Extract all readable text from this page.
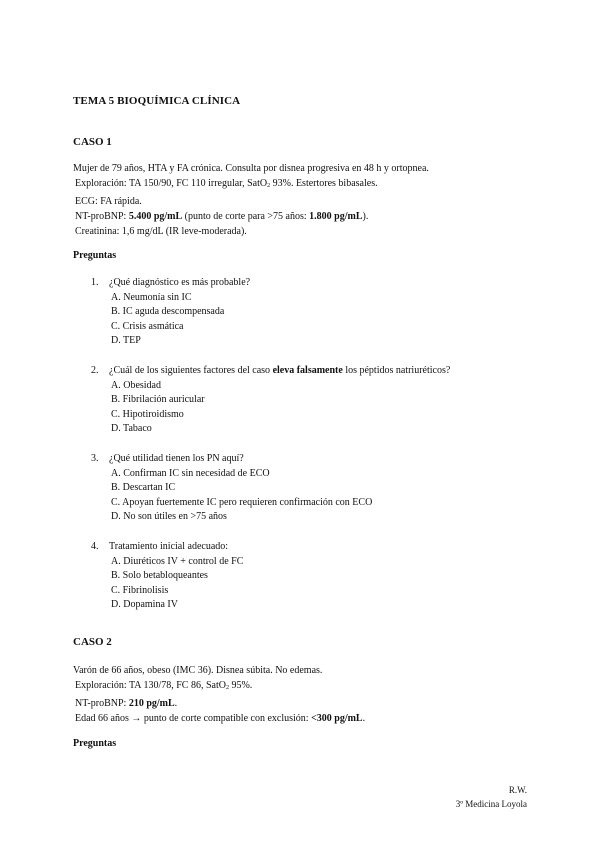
TEMA 5 BIOQUÍMICA CLÍNICA
CASO 1
Mujer de 79 años, HTA y FA crónica. Consulta por disnea progresiva en 48 h y ortopnea.
Exploración: TA 150/90, FC 110 irregular, SatO$_2$ 93%. Estertores bibasales.
ECG: FA rápida.
NT-proBNP: 5.400 pg/mL (punto de corte para >75 años: 1.800 pg/mL).
Creatinina: 1,6 mg/dL (IR leve-moderada).
Preguntas
1. ¿Qué diagnóstico es más probable?
A. Neumonía sin IC
B. IC aguda descompensada
C. Crisis asmática
D. TEP
2. ¿Cuál de los siguientes factores del caso eleva falsamente los péptidos natriuréticos?
A. Obesidad
B. Fibrilación auricular
C. Hipotiroidismo
D. Tabaco
3. ¿Qué utilidad tienen los PN aquí?
A. Confirman IC sin necesidad de ECO
B. Descartan IC
C. Apoyan fuertemente IC pero requieren confirmación con ECO
D. No son útiles en >75 años
4. Tratamiento inicial adecuado:
A. Diuréticos IV + control de FC
B. Solo betabloqueantes
C. Fibrinolisis
D. Dopamina IV
CASO 2
Varón de 66 años, obeso (IMC 36). Disnea súbita. No edemas.
Exploración: TA 130/78, FC 86, SatO$_2$ 95%.
NT-proBNP: 210 pg/mL.
Edad 66 años → punto de corte compatible con exclusión: <300 pg/mL.
Preguntas
R.W.
3º Medicina Loyola
